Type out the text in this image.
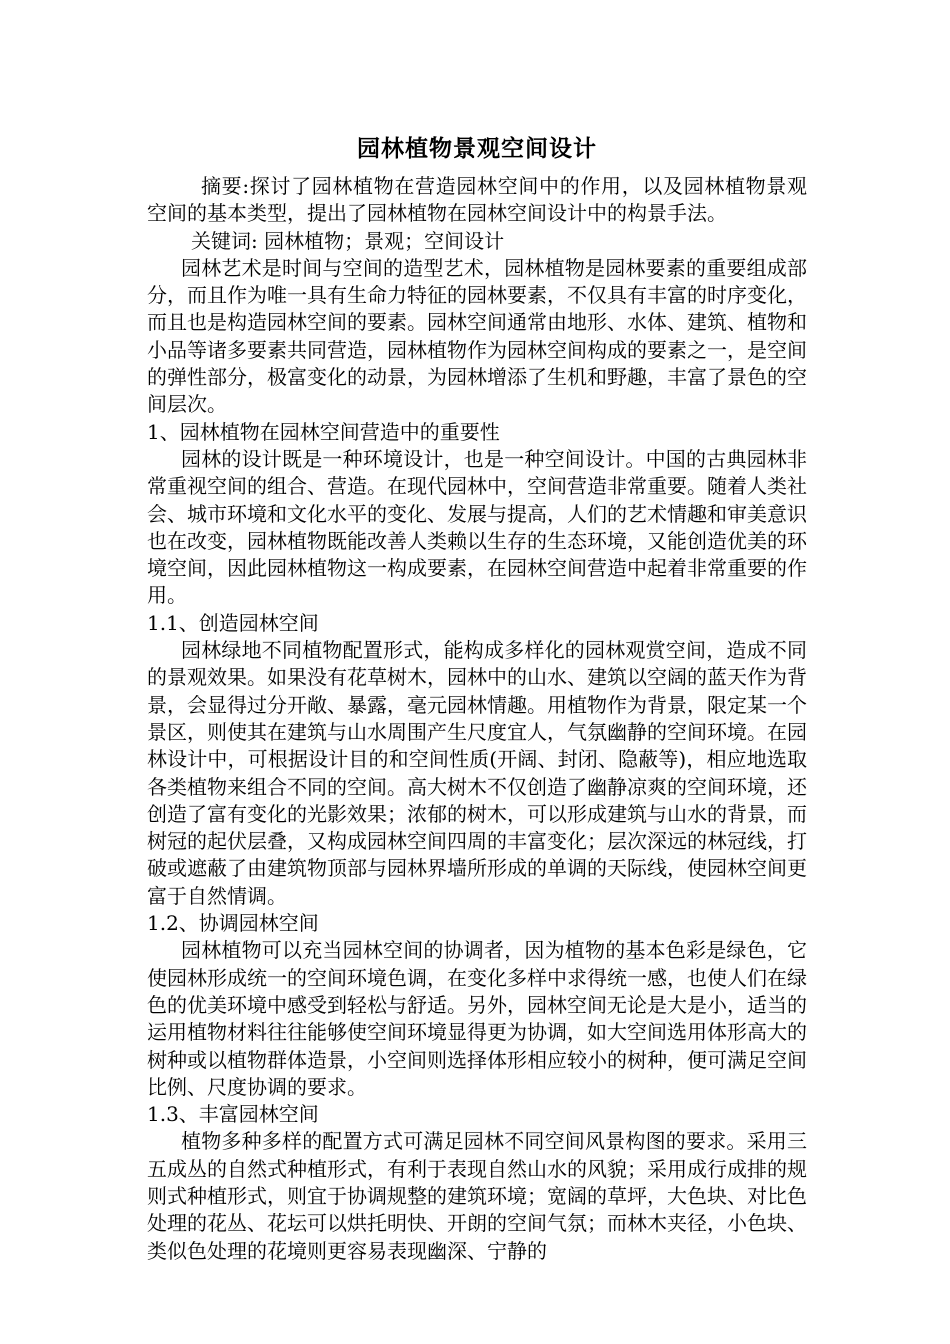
园林植物景观空间设计

摘要:探讨了园林植物在营造园林空间中的作用，以及园林植物景观空间的基本类型，提出了园林植物在园林空间设计中的构景手法。

关键词: 园林植物；景观；空间设计

园林艺术是时间与空间的造型艺术，园林植物是园林要素的重要组成部分，而且作为唯一具有生命力特征的园林要素，不仅具有丰富的时序变化，而且也是构造园林空间的要素。园林空间通常由地形、水体、建筑、植物和小品等诸多要素共同营造，园林植物作为园林空间构成的要素之一，是空间的弹性部分，极富变化的动景，为园林增添了生机和野趣，丰富了景色的空间层次。

1、园林植物在园林空间营造中的重要性

园林的设计既是一种环境设计，也是一种空间设计。中国的古典园林非常重视空间的组合、营造。在现代园林中，空间营造非常重要。随着人类社会、城市环境和文化水平的变化、发展与提高，人们的艺术情趣和审美意识也在改变，园林植物既能改善人类赖以生存的生态环境，又能创造优美的环境空间，因此园林植物这一构成要素，在园林空间营造中起着非常重要的作用。

1.1、创造园林空间

园林绿地不同植物配置形式，能构成多样化的园林观赏空间，造成不同的景观效果。如果没有花草树木，园林中的山水、建筑以空阔的蓝天作为背景，会显得过分开敞、暴露，毫元园林情趣。用植物作为背景，限定某一个景区，则使其在建筑与山水周围产生尺度宜人，气氛幽静的空间环境。在园林设计中，可根据设计目的和空间性质(开阔、封闭、隐蔽等)，相应地选取各类植物来组合不同的空间。高大树木不仅创造了幽静凉爽的空间环境，还创造了富有变化的光影效果；浓郁的树木，可以形成建筑与山水的背景，而树冠的起伏层叠，又构成园林空间四周的丰富变化；层次深远的林冠线，打破或遮蔽了由建筑物顶部与园林界墙所形成的单调的天际线，使园林空间更富于自然情调。

1.2、协调园林空间

园林植物可以充当园林空间的协调者，因为植物的基本色彩是绿色，它使园林形成统一的空间环境色调，在变化多样中求得统一感，也使人们在绿色的优美环境中感受到轻松与舒适。另外，园林空间无论是大是小，适当的运用植物材料往往能够使空间环境显得更为协调，如大空间选用体形高大的树种或以植物群体造景，小空间则选择体形相应较小的树种，便可满足空间比例、尺度协调的要求。

1.3、丰富园林空间

植物多种多样的配置方式可满足园林不同空间风景构图的要求。采用三五成丛的自然式种植形式，有利于表现自然山水的风貌；采用成行成排的规则式种植形式，则宜于协调规整的建筑环境；宽阔的草坪，大色块、对比色处理的花丛、花坛可以烘托明快、开朗的空间气氛；而林木夹径，小色块、类似色处理的花境则更容易表现幽深、宁静的
